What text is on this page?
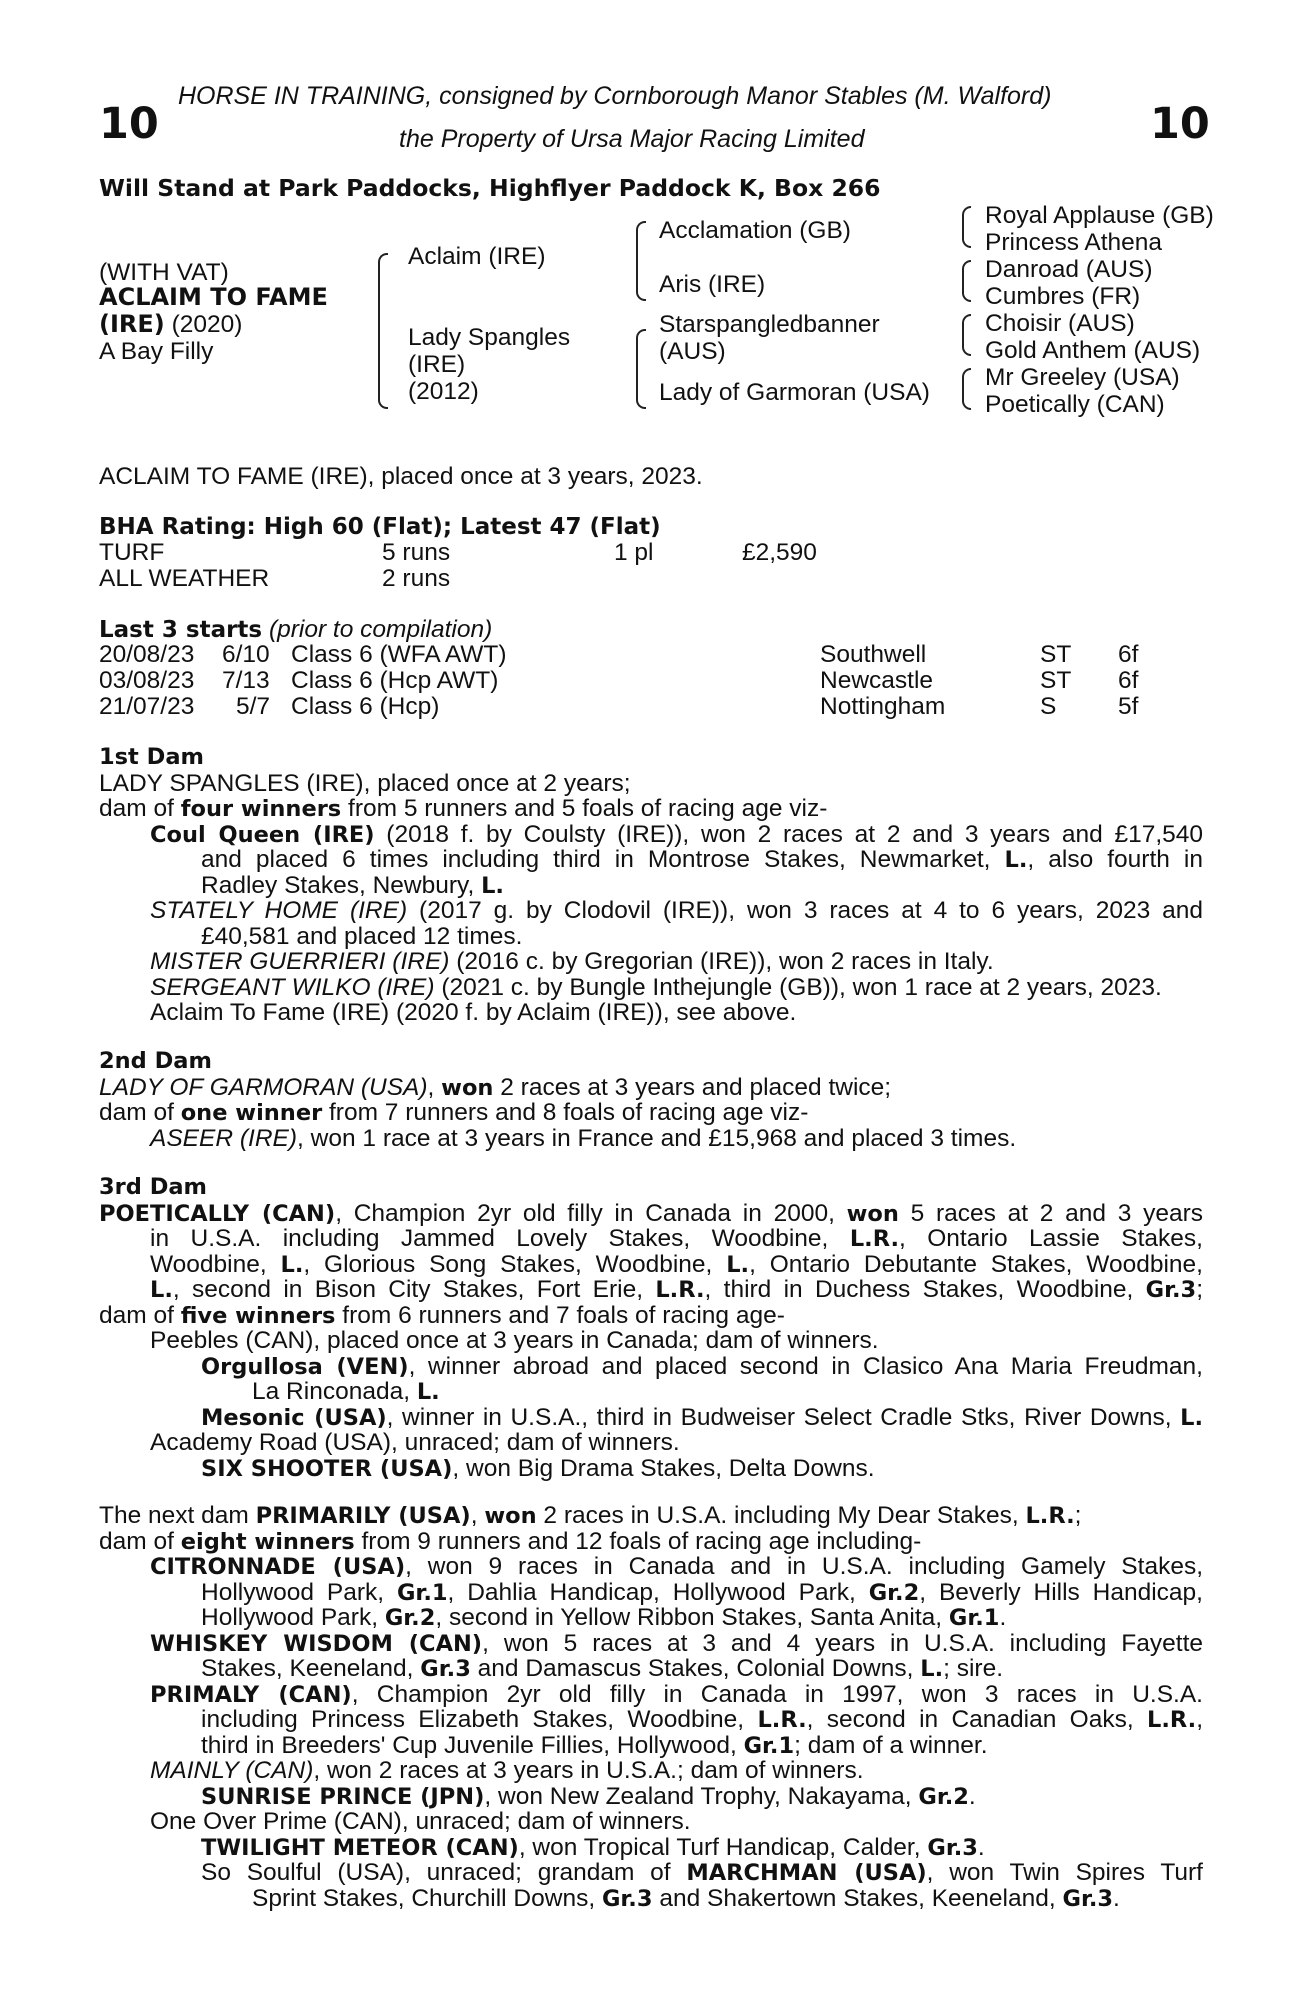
HORSE IN TRAINING, consigned by Cornborough Manor Stables (M. Walford)
10	the Property of Ursa Major Racing Limited	10
Will Stand at Park Paddocks, Highflyer Paddock K, Box 266
(WITH VAT)
ACLAIM TO FAME
(IRE) (2020)
A Bay Filly
Aclaim (IRE)
Lady Spangles
(IRE)
(2012)
Acclamation (GB)
Aris (IRE)
Starspangledbanner
(AUS)
Lady of Garmoran (USA)
Royal Applause (GB)
Princess Athena
Danroad (AUS)
Cumbres (FR)
Choisir (AUS)
Gold Anthem (AUS)
Mr Greeley (USA)
Poetically (CAN)
ACLAIM TO FAME (IRE), placed once at 3 years, 2023.
BHA Rating: High 60 (Flat); Latest 47 (Flat)
TURF	5 runs	1 pl	£2,590
ALL WEATHER	2 runs
Last 3 starts (prior to compilation)
20/08/23 6/10 Class 6 (WFA AWT)	Southwell	ST 6f
03/08/23 7/13 Class 6 (Hcp AWT)	Newcastle	ST 6f
21/07/23 5/7 Class 6 (Hcp)	Nottingham	S	5f
1st Dam
LADY SPANGLES (IRE), placed once at 2 years;
dam of four winners from 5 runners and 5 foals of racing age viz-
Coul Queen (IRE) (2018 f. by Coulsty (IRE)), won 2 races at 2 and 3 years and £17,540
and placed 6 times including third in Montrose Stakes, Newmarket, L., also fourth in
Radley Stakes, Newbury, L.
STATELY HOME (IRE) (2017 g. by Clodovil (IRE)), won 3 races at 4 to 6 years, 2023 and
£40,581 and placed 12 times.
MISTER GUERRIERI (IRE) (2016 c. by Gregorian (IRE)), won 2 races in Italy.
SERGEANT WILKO (IRE) (2021 c. by Bungle Inthejungle (GB)), won 1 race at 2 years, 2023.
Aclaim To Fame (IRE) (2020 f. by Aclaim (IRE)), see above.
2nd Dam
LADY OF GARMORAN (USA), won 2 races at 3 years and placed twice;
dam of one winner from 7 runners and 8 foals of racing age viz-
ASEER (IRE), won 1 race at 3 years in France and £15,968 and placed 3 times.
3rd Dam
POETICALLY (CAN), Champion 2yr old filly in Canada in 2000, won 5 races at 2 and 3 years
in U.S.A. including Jammed Lovely Stakes, Woodbine, L.R., Ontario Lassie Stakes,
Woodbine, L., Glorious Song Stakes, Woodbine, L., Ontario Debutante Stakes, Woodbine,
L., second in Bison City Stakes, Fort Erie, L.R., third in Duchess Stakes, Woodbine, Gr.3;
dam of five winners from 6 runners and 7 foals of racing age-
Peebles (CAN), placed once at 3 years in Canada; dam of winners.
Orgullosa (VEN), winner abroad and placed second in Clasico Ana Maria Freudman,
La Rinconada, L.
Mesonic (USA), winner in U.S.A., third in Budweiser Select Cradle Stks, River Downs, L.
Academy Road (USA), unraced; dam of winners.
SIX SHOOTER (USA), won Big Drama Stakes, Delta Downs.
The next dam PRIMARILY (USA), won 2 races in U.S.A. including My Dear Stakes, L.R.;
dam of eight winners from 9 runners and 12 foals of racing age including-
CITRONNADE (USA), won 9 races in Canada and in U.S.A. including Gamely Stakes,
Hollywood Park, Gr.1, Dahlia Handicap, Hollywood Park, Gr.2, Beverly Hills Handicap,
Hollywood Park, Gr.2, second in Yellow Ribbon Stakes, Santa Anita, Gr.1.
WHISKEY WISDOM (CAN), won 5 races at 3 and 4 years in U.S.A. including Fayette
Stakes, Keeneland, Gr.3 and Damascus Stakes, Colonial Downs, L.; sire.
PRIMALY (CAN), Champion 2yr old filly in Canada in 1997, won 3 races in U.S.A.
including Princess Elizabeth Stakes, Woodbine, L.R., second in Canadian Oaks, L.R.,
third in Breeders' Cup Juvenile Fillies, Hollywood, Gr.1; dam of a winner.
MAINLY (CAN), won 2 races at 3 years in U.S.A.; dam of winners.
SUNRISE PRINCE (JPN), won New Zealand Trophy, Nakayama, Gr.2.
One Over Prime (CAN), unraced; dam of winners.
TWILIGHT METEOR (CAN), won Tropical Turf Handicap, Calder, Gr.3.
So Soulful (USA), unraced; grandam of MARCHMAN (USA), won Twin Spires Turf
Sprint Stakes, Churchill Downs, Gr.3 and Shakertown Stakes, Keeneland, Gr.3.
